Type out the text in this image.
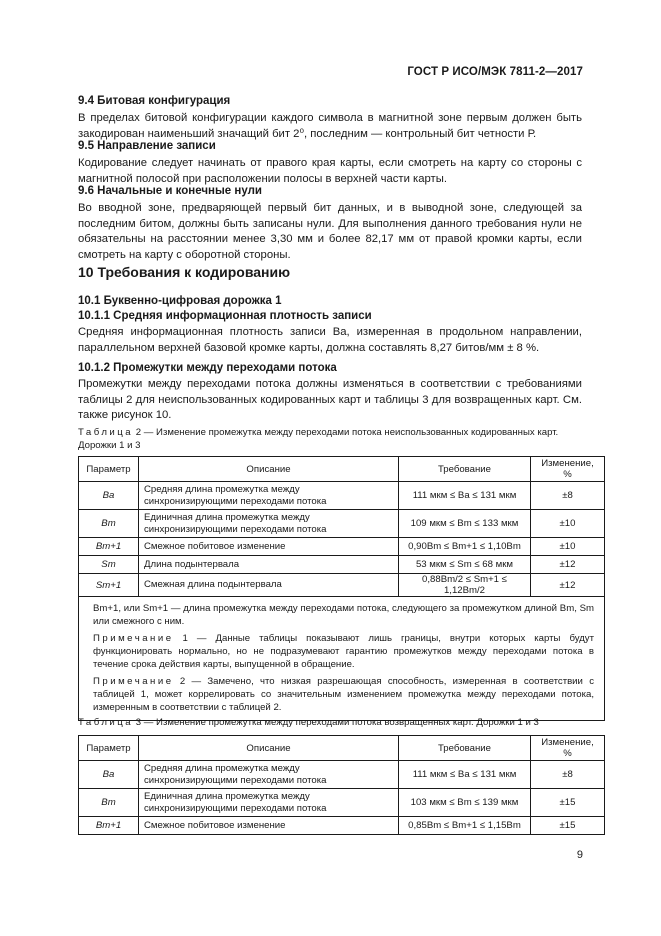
ГОСТ Р ИСО/МЭК 7811-2—2017
9.4 Битовая конфигурация
В пределах битовой конфигурации каждого символа в магнитной зоне первым должен быть закодирован наименьший значащий бит 2⁰, последним — контрольный бит четности Р.
9.5 Направление записи
Кодирование следует начинать от правого края карты, если смотреть на карту со стороны с магнитной полосой при расположении полосы в верхней части карты.
9.6 Начальные и конечные нули
Во вводной зоне, предваряющей первый бит данных, и в выводной зоне, следующей за последним битом, должны быть записаны нули. Для выполнения данного требования нули не обязательны на расстоянии менее 3,30 мм и более 82,17 мм от правой кромки карты, если смотреть на карту с оборотной стороны.
10 Требования к кодированию
10.1 Буквенно-цифровая дорожка 1
10.1.1 Средняя информационная плотность записи
Средняя информационная плотность записи Ba, измеренная в продольном направлении, параллельном верхней базовой кромке карты, должна составлять 8,27 битов/мм ± 8 %.
10.1.2 Промежутки между переходами потока
Промежутки между переходами потока должны изменяться в соответствии с требованиями таблицы 2 для неиспользованных кодированных карт и таблицы 3 для возвращенных карт. См. также рисунок 10.
Таблица 2 — Изменение промежутка между переходами потока неиспользованных кодированных карт. Дорожки 1 и 3
Параметр	Описание	Требование	Изменение, %
Ba	Средняя длина промежутка между синхронизирующими переходами потока	111 мкм ≤ Ba ≤ 131 мкм	±8
Bm	Единичная длина промежутка между синхронизирующими переходами потока	109 мкм ≤ Bm ≤ 133 мкм	±10
Bm+1	Смежное побитовое изменение	0,90Bm ≤ Bm+1 ≤ 1,10Bm	±10
Sm	Длина подынтервала	53 мкм ≤ Sm ≤ 68 мкм	±12
Sm+1	Смежная длина подынтервала	0,88Bm/2 ≤ Sm+1 ≤ 1,12Bm/2	±12

Bm+1, или Sm+1 — длина промежутка между переходами потока, следующего за промежутком длиной Bm, Sm или смежного с ним.

Примечание 1 — Данные таблицы показывают лишь границы, внутри которых карты будут функционировать нормально, но не подразумевают гарантию промежутков между переходами потока в течение срока действия карты, выпущенной в обращение.

Примечание 2 — Замечено, что низкая разрешающая способность, измеренная в соответствии с таблицей 1, может коррелировать со значительным изменением промежутка между переходами потока, измеренным в соответствии с таблицей 2.			

Таблица 3 — Изменение промежутка между переходами потока возвращенных карт. Дорожки 1 и 3
Параметр	Описание	Требование	Изменение, %
Ba	Средняя длина промежутка между синхронизирующими переходами потока	111 мкм ≤ Ba ≤ 131 мкм	±8
Bm	Единичная длина промежутка между синхронизирующими переходами потока	103 мкм ≤ Bm ≤ 139 мкм	±15
Bm+1	Смежное побитовое изменение	0,85Bm ≤ Bm+1 ≤ 1,15Bm	±15
9
